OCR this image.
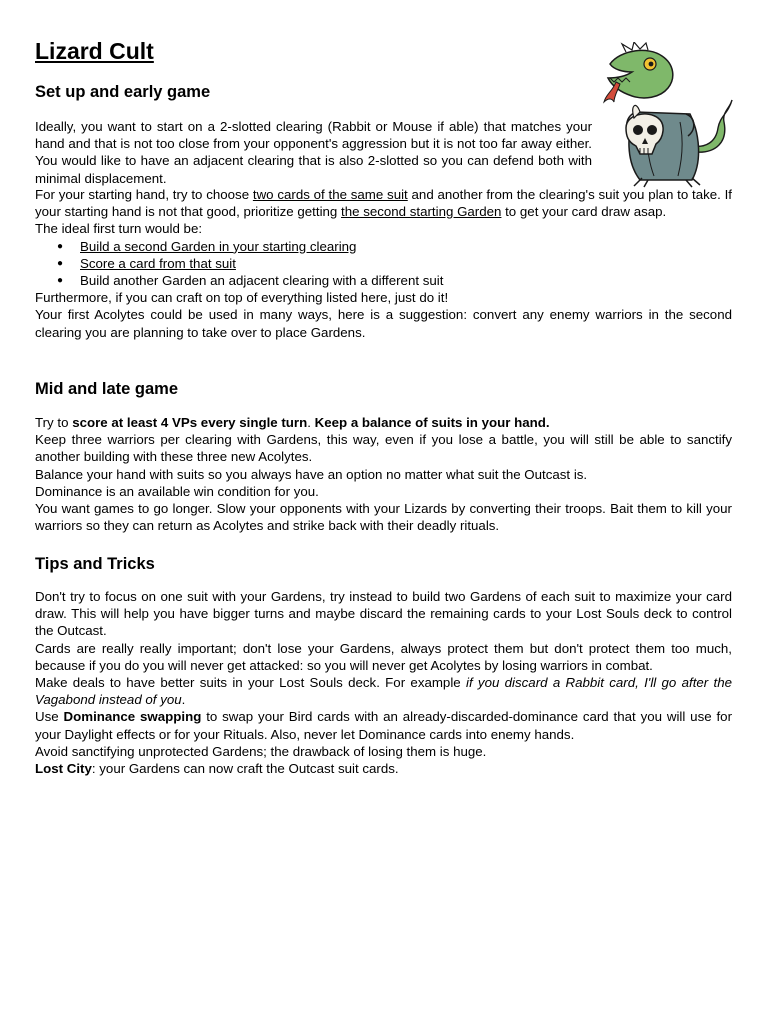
Lizard Cult
Set up and early game

Ideally, you want to start on a 2-slotted clearing (Rabbit or Mouse if able) that matches your hand and that is not too close from your opponent's aggression but it is not too far away either. You would like to have an adjacent clearing that is also 2-slotted so you can defend both with minimal displacement.

For your starting hand, try to choose two cards of the same suit and another from the clearing's suit you plan to take. If your starting hand is not that good, prioritize getting the second starting Garden to get your card draw asap.

The ideal first turn would be:

● Build a second Garden in your starting clearing
● Score a card from that suit
● Build another Garden an adjacent clearing with a different suit

Furthermore, if you can craft on top of everything listed here, just do it!

Your first Acolytes could be used in many ways, here is a suggestion: convert any enemy warriors in the second clearing you are planning to take over to place Gardens.

Mid and late game

Try to score at least 4 VPs every single turn. Keep a balance of suits in your hand.

Keep three warriors per clearing with Gardens, this way, even if you lose a battle, you will still be able to sanctify another building with these three new Acolytes.

Balance your hand with suits so you always have an option no matter what suit the Outcast is.

Dominance is an available win condition for you.

You want games to go longer. Slow your opponents with your Lizards by converting their troops. Bait them to kill your warriors so they can return as Acolytes and strike back with their deadly rituals.

Tips and Tricks

Don't try to focus on one suit with your Gardens, try instead to build two Gardens of each suit to maximize your card draw. This will help you have bigger turns and maybe discard the remaining cards to your Lost Souls deck to control the Outcast.

Cards are really really important; don't lose your Gardens, always protect them but don't protect them too much, because if you do you will never get attacked: so you will never get Acolytes by losing warriors in combat.

Make deals to have better suits in your Lost Souls deck. For example if you discard a Rabbit card, I'll go after the Vagabond instead of you.

Use Dominance swapping to swap your Bird cards with an already-discarded-dominance card that you will use for your Daylight effects or for your Rituals. Also, never let Dominance cards into enemy hands.

Avoid sanctifying unprotected Gardens; the drawback of losing them is huge.

Lost City: your Gardens can now craft the Outcast suit cards.
